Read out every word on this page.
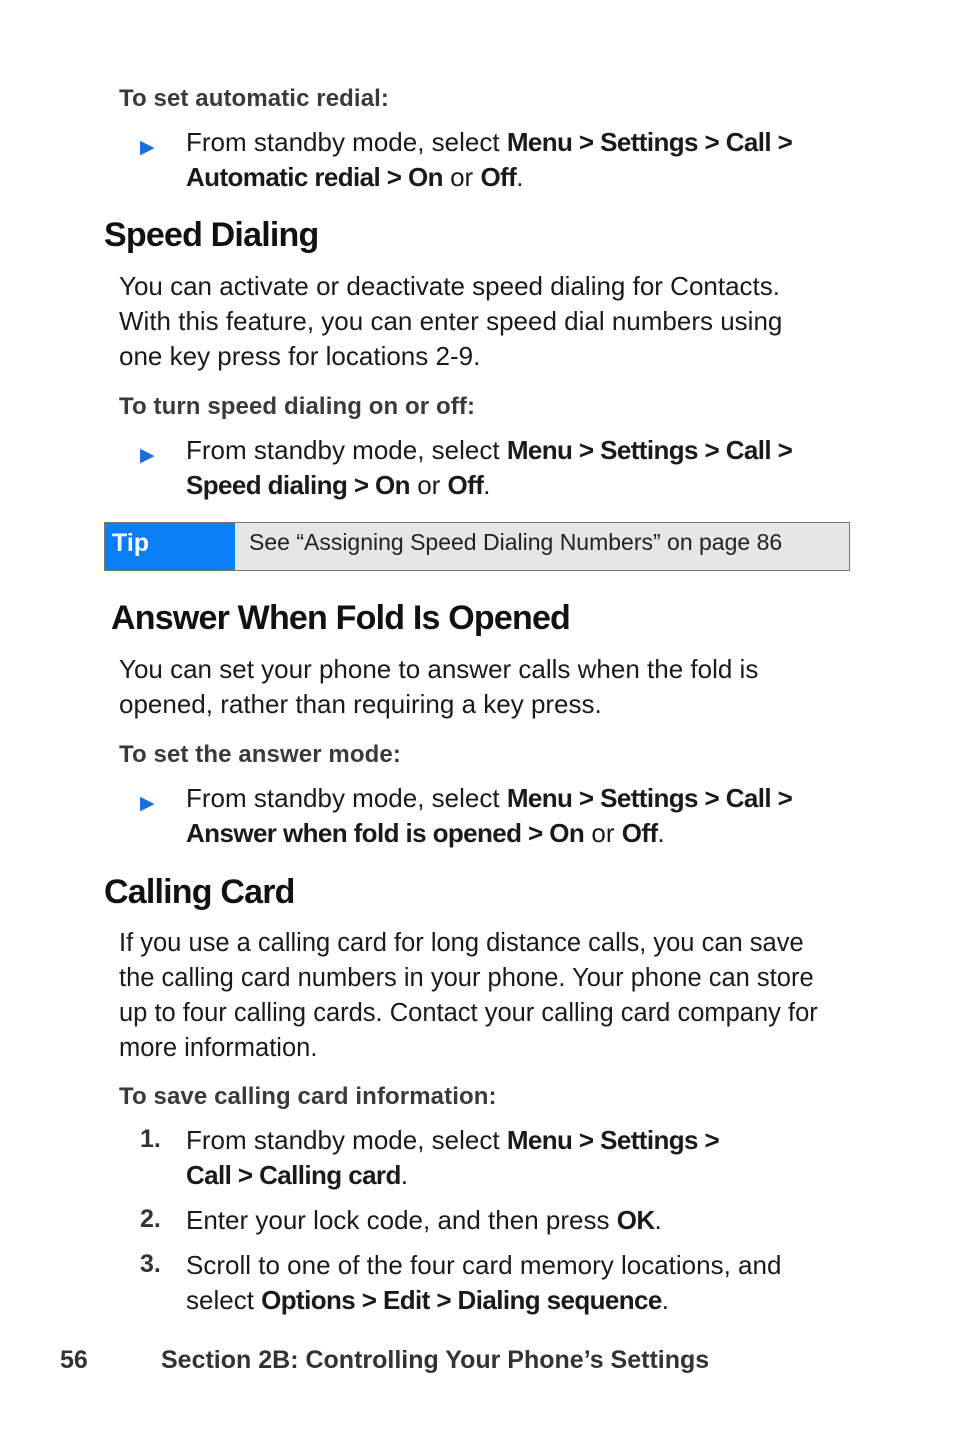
To set automatic redial:
▶ From standby mode, select Menu > Settings > Call >
Automatic redial > On or Off.
Speed Dialing
You can activate or deactivate speed dialing for Contacts.
With this feature, you can enter speed dial numbers using
one key press for locations 2-9.
To turn speed dialing on or off:
▶ From standby mode, select Menu > Settings > Call >
Speed dialing > On or Off.
Tip	See “Assigning Speed Dialing Numbers” on page 86
Answer When Fold Is Opened
You can set your phone to answer calls when the fold is
opened, rather than requiring a key press.
To set the answer mode:
▶ From standby mode, select Menu > Settings > Call >
Answer when fold is opened > On or Off.
Calling Card
If you use a calling card for long distance calls, you can save
the calling card numbers in your phone. Your phone can store
up to four calling cards. Contact your calling card company for
more information.
To save calling card information:
1. From standby mode, select Menu > Settings >
Call > Calling card.
2. Enter your lock code, and then press OK.
3. Scroll to one of the four card memory locations, and
select Options > Edit > Dialing sequence.
56	Section 2B: Controlling Your Phone’s Settings
